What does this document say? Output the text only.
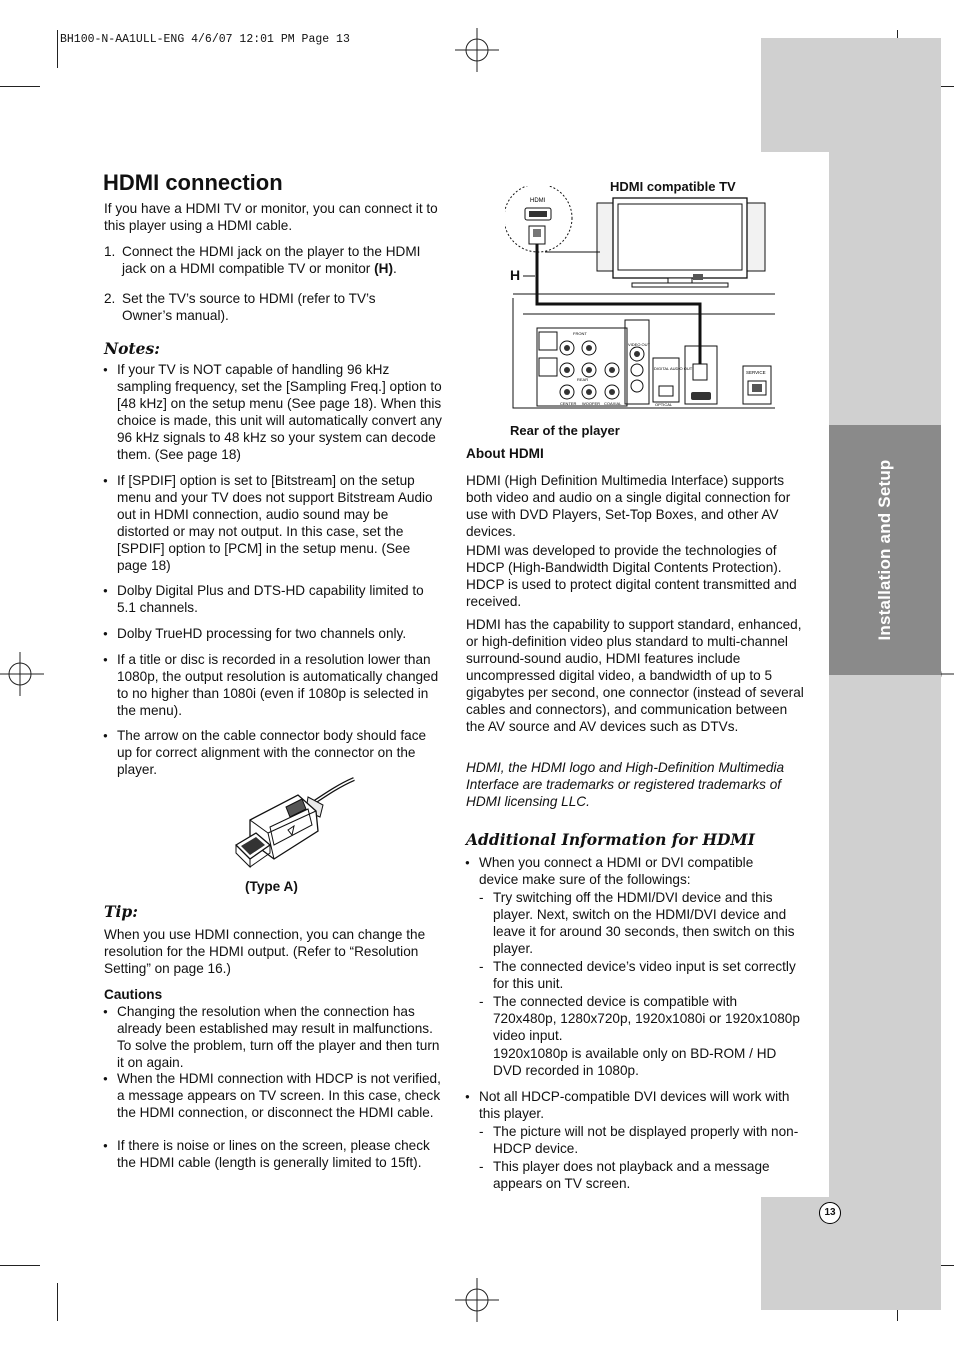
BH100-N-AA1ULL-ENG 4/6/07 12:01 PM Page 13
Installation and Setup
13
HDMI connection

If you have a HDMI TV or monitor, you can connect it to this player using a HDMI cable.

1. Connect the HDMI jack on the player to the HDMI jack on a HDMI compatible TV or monitor (H).
2. Set the TV’s source to HDMI (refer to TV’s Owner’s manual).
Notes:
● If your TV is NOT capable of handling 96 kHz sampling frequency, set the [Sampling Freq.] option to [48 kHz] on the setup menu (See page 18). When this choice is made, this unit will automatically convert any 96 kHz signals to 48 kHz so your system can decode them. (See page 18)
● If [SPDIF] option is set to [Bitstream] on the setup menu and your TV does not support Bitstream Audio out in HDMI connection, audio sound may be distorted or may not output. In this case, set the [SPDIF] option to [PCM] in the setup menu. (See page 18)
● Dolby Digital Plus and DTS-HD capability limited to 5.1 channels.
● Dolby TrueHD processing for two channels only.
● If a title or disc is recorded in a resolution lower than 1080p, the output resolution is automatically changed to no higher than 1080i (even if 1080p is selected in the menu).
● The arrow on the cable connector body should face up for correct alignment with the connector on the player.
(Type A)
Tip:
When you use HDMI connection, you can change the resolution for the HDMI output. (Refer to “Resolution Setting” on page 16.)
Cautions
● Changing the resolution when the connection has already been established may result in malfunctions. To solve the problem, turn off the player and then turn it on again.
● When the HDMI connection with HDCP is not verified, a message appears on TV screen. In this case, check the HDMI connection, or disconnect the HDMI cable.
● If there is noise or lines on the screen, please check the HDMI cable (length is generally limited to 15ft).
HDMI compatible TV
HDMI
SERVICE
FRONT
REAR
CENTER WOOFER COAXIAL
VIDEO OUT
DIGITAL AUDIO OUT
OPTICAL
H
Rear of the player
About HDMI
HDMI (High Definition Multimedia Interface) supports both video and audio on a single digital connection for use with DVD Players, Set-Top Boxes, and other AV devices.
HDMI was developed to provide the technologies of HDCP (High-Bandwidth Digital Contents Protection). HDCP is used to protect digital content transmitted and received.
HDMI has the capability to support standard, enhanced, or high-definition video plus standard to multi-channel surround-sound audio, HDMI features include uncompressed digital video, a bandwidth of up to 5 gigabytes per second, one connector (instead of several cables and connectors), and communication between the AV source and AV devices such as DTVs.
HDMI, the HDMI logo and High-Definition Multimedia Interface are trademarks or registered trademarks of HDMI licensing LLC.
Additional Information for HDMI
● When you connect a HDMI or DVI compatible device make sure of the followings:
- Try switching off the HDMI/DVI device and this player. Next, switch on the HDMI/DVI device and leave it for around 30 seconds, then switch on this player.
- The connected device’s video input is set correctly for this unit.
- The connected device is compatible with 720x480p, 1280x720p, 1920x1080i or 1920x1080p video input.
1920x1080p is available only on BD-ROM / HD DVD recorded in 1080p.
● Not all HDCP-compatible DVI devices will work with this player.
- The picture will not be displayed properly with non-HDCP device.
- This player does not playback and a message appears on TV screen.
